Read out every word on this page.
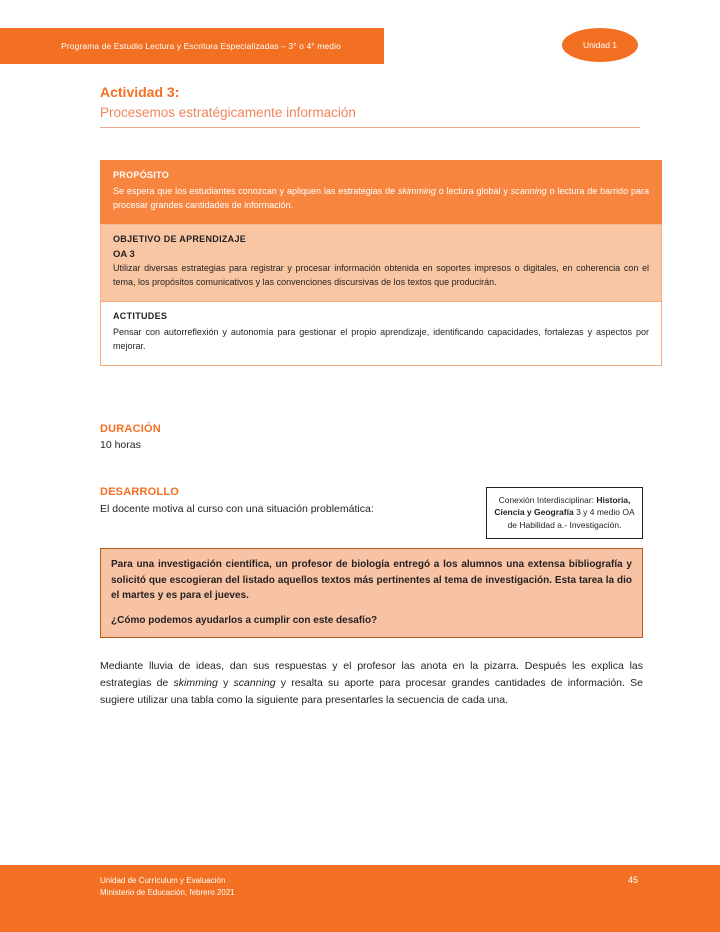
Programa de Estudio Lectura y Escritura Especializadas – 3° o 4° medio	Unidad 1

Actividad 3:

Procesemos estratégicamente información

PROPÓSITO

Se espera que los estudiantes conozcan y apliquen las estrategias de skimming o lectura global y scanning o lectura de barrido para procesar grandes cantidades de información.

OBJETIVO DE APRENDIZAJE

OA 3

Utilizar diversas estrategias para registrar y procesar información obtenida en soportes impresos o digitales, en coherencia con el tema, los propósitos comunicativos y las convenciones discursivas de los textos que producirán.

ACTITUDES

Pensar con autorreflexión y autonomía para gestionar el propio aprendizaje, identificando capacidades, fortalezas y aspectos por mejorar.

DURACIÓN

10 horas

DESARROLLO

El docente motiva al curso con una situación problemática:

Conexión Interdisciplinar: Historia, Ciencia y Geografía 3 y 4 medio OA de Habilidad a.- Investigación.

Para una investigación científica, un profesor de biología entregó a los alumnos una extensa bibliografía y solicitó que escogieran del listado aquellos textos más pertinentes al tema de investigación. Esta tarea la dio el martes y es para el jueves.

¿Cómo podemos ayudarlos a cumplir con este desafío?

Mediante lluvia de ideas, dan sus respuestas y el profesor las anota en la pizarra. Después les explica las estrategias de skimming y scanning y resalta su aporte para procesar grandes cantidades de información. Se sugiere utilizar una tabla como la siguiente para presentarles la secuencia de cada una.

Unidad de Currículum y Evaluación
Ministerio de Educación, febrero 2021
45
